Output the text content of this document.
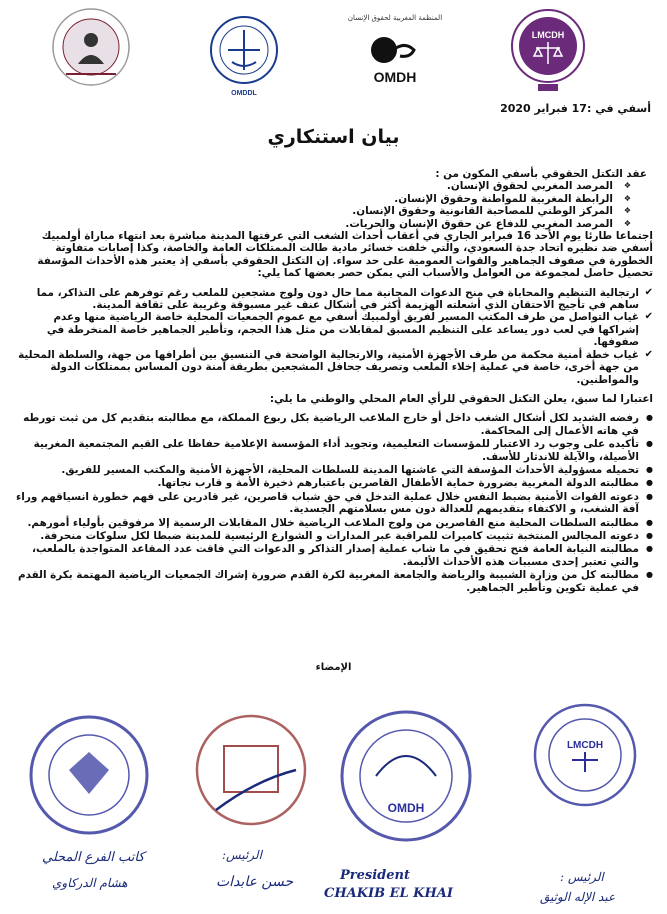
LMCDH
المنظمة المغربية لحقوق الإنسان
OMDH
OMDDL
أسفي في :17 فبراير 2020
بيان استنكاري

عقد التكتل الحقوقي بأسفي المكون من :

❖ المرصد المغربي لحقوق الإنسان.
❖ الرابطة المغربية للمواطنة وحقوق الإنسان.
❖ المركز الوطني للمصاحبة القانونية وحقوق الإنسان.
❖ المرصد المغربي للدفاع عن حقوق الإنسان والحريات.

اجتماعا طارئا يوم الأحد 16 فبراير الجاري في أعقاب أحداث الشغب التي عرفتها المدينة مباشرة بعد انتهاء مباراة أولمبيك أسفي ضد نظيره اتحاد جدة السعودي، والتي خلفت خسائر مادية طالت الممتلكات العامة والخاصة، وكذا إصابات متفاوتة الخطورة في صفوف الجماهير والقوات العمومية على حد سواء. إن التكتل الحقوقي بأسفي إذ يعتبر هذه الأحداث المؤسفة تحصيل حاصل لمجموعة من العوامل والأسباب التي يمكن حصر بعضها كما يلي:

✔ ارتجالية التنظيم والمحاباة في منح الدعوات المجانية مما حال دون ولوج مشجعين للملعب رغم توفرهم على التذاكر، مما ساهم في تأجيج الاحتقان الذي أشعلته الهزيمة أكثر في أشكال عنف غير مسبوقة وغريبة على ثقافة المدينة.
✔ غياب التواصل من طرف المكتب المسير لفريق أولمبيك أسفي مع عموم الجمعيات المحلية خاصة الرياضية منها وعدم إشراكها في لعب دور يساعد على التنظيم المسبق لمقابلات من مثل هذا الحجم، وتأطير الجماهير خاصة المنخرطة في صفوفها.
✔ غياب خطة أمنية محكمة من طرف الأجهزة الأمنية، والارتجالية الواضحة في التنسيق بين أطرافها من جهة، والسلطة المحلية من جهة أخرى، خاصة في عملية إخلاء الملعب وتصريف جحافل المشجعين بطريقة آمنة دون المساس بممتلكات الدولة والمواطنين.

اعتبارا لما سبق، يعلن التكتل الحقوقي للرأي العام المحلي والوطني ما يلي:

● رفضه الشديد لكل أشكال الشغب داخل أو خارج الملاعب الرياضية بكل ربوع المملكة، مع مطالبته بتقديم كل من ثبت تورطه في هاته الأعمال إلى المحاكمة.
● تأكيده على وجوب رد الاعتبار للمؤسسات التعليمية، وتجويد أداء المؤسسة الإعلامية حفاظا على القيم المجتمعية المغربية الأصيلة، والآيلة للاندثار للأسف.
● تحميله مسؤولية الأحداث المؤسفة التي عاشتها المدينة للسلطات المحلية، الأجهزة الأمنية والمكتب المسير للفريق.
● مطالبته الدولة المغربية بضرورة حماية الأطفال القاصرين باعتبارهم ذخيرة الأمة و قارب نجاتها.
● دعوته القوات الأمنية بضبط النفس خلال عملية التدخل في حق شباب قاصرين، غير قادرين على فهم خطورة انسياقهم وراء آفة الشغب، و الاكتفاء بتقديمهم للعدالة دون مس بسلامتهم الجسدية.
● مطالبته السلطات المحلية منع القاصرين من ولوج الملاعب الرياضية خلال المقابلات الرسمية إلا مرفوقين بأولياء أمورهم.
● دعوته المجالس المنتخبة تثبيت كاميرات للمراقبة عبر المدارات و الشوارع الرئيسية للمدينة ضبطا لكل سلوكات منحرفة.
● مطالبته النيابة العامة فتح تحقيق في ما شاب عملية إصدار التذاكر و الدعوات التي فاقت عدد المقاعد المتواجدة بالملعب، والتي تعتبر إحدى مسببات هذه الأحداث الأليمة.
● مطالبته كل من وزارة الشبيبة والرياضة والجامعة المغربية لكرة القدم ضرورة إشراك الجمعيات الرياضية المهتمة بكرة القدم في عملية تكوين وتأطير الجماهير.
الإمضاء
LMCDH
الرئيس :
عبد الإله الوثيق
OMDH
President
CHAKIB EL KHAI
الرئيس:
حسن عابدات
كاتب الفرع المحلي
هشام الدركاوي
